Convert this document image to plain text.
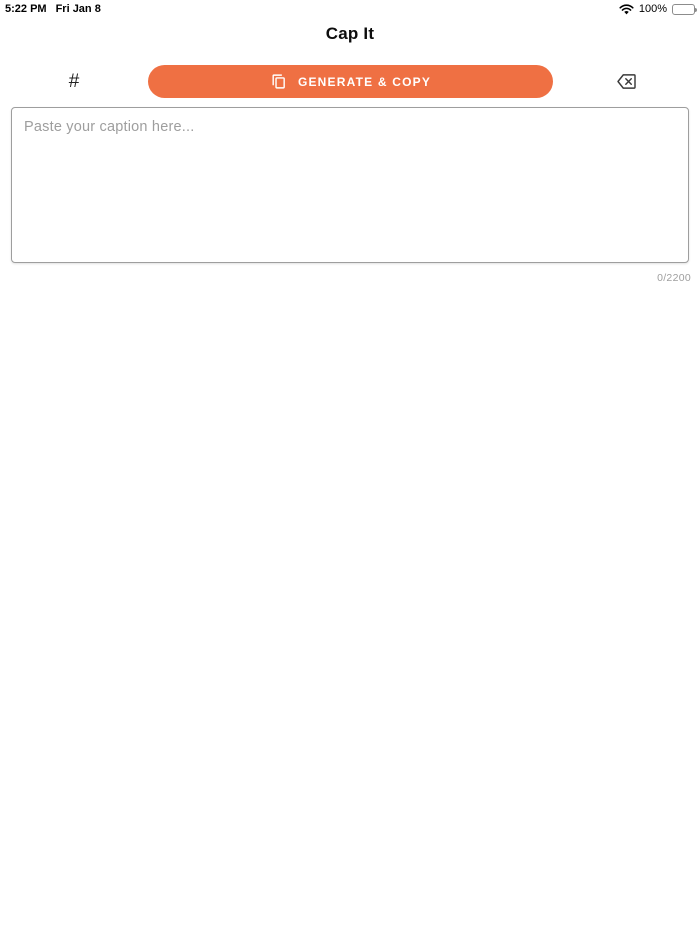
5:22 PM Fri Jan 8	100%
Cap It
#	GENERATE & COPY
Paste your caption here...
0/2200
